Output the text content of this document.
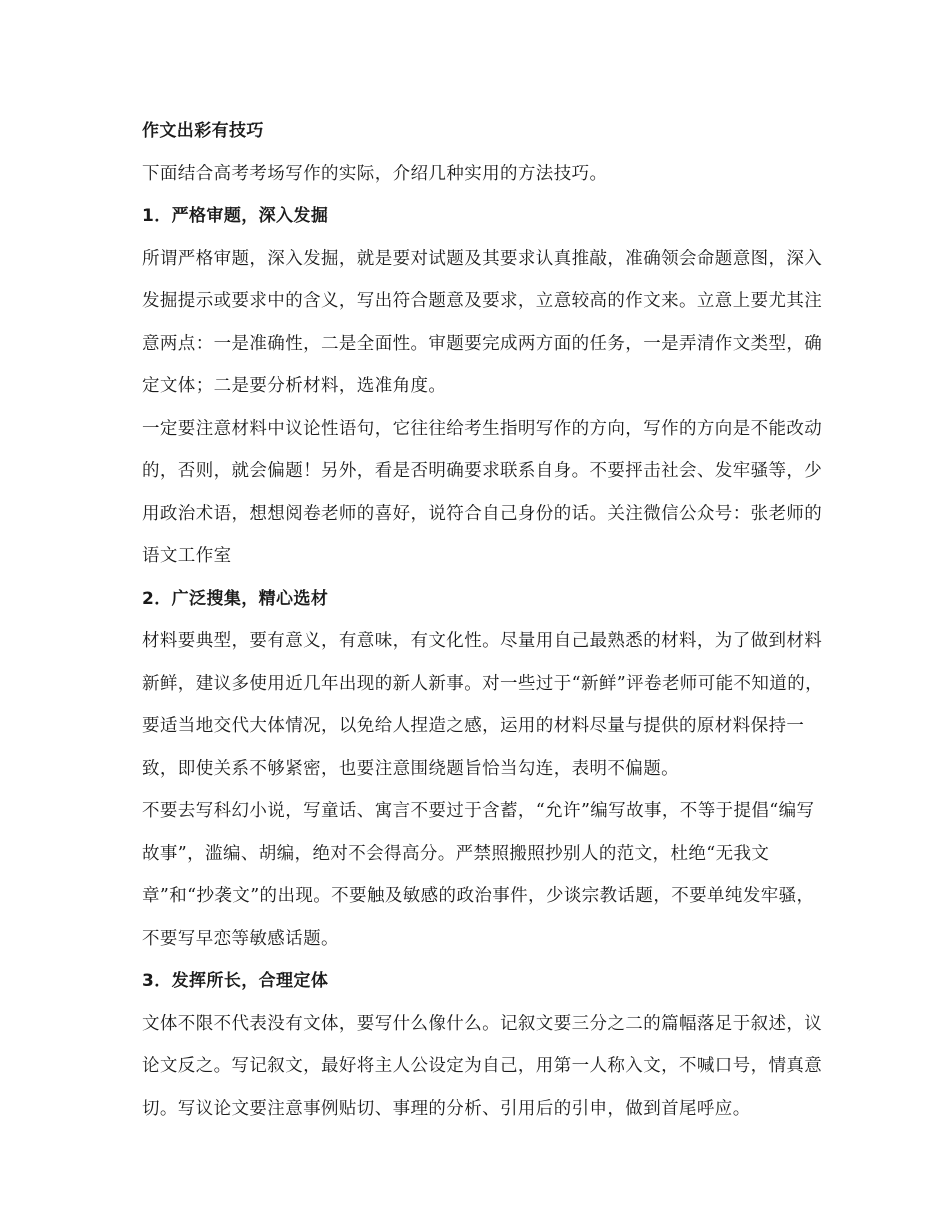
作文出彩有技巧

下面结合高考考场写作的实际，介绍几种实用的方法技巧。

1．严格审题，深入发掘

所谓严格审题，深入发掘，就是要对试题及其要求认真推敲，准确领会命题意图，深入发掘提示或要求中的含义，写出符合题意及要求，立意较高的作文来。立意上要尤其注意两点：一是准确性，二是全面性。审题要完成两方面的任务，一是弄清作文类型，确定文体；二是要分析材料，选准角度。

一定要注意材料中议论性语句，它往往给考生指明写作的方向，写作的方向是不能改动的，否则，就会偏题！另外，看是否明确要求联系自身。不要抨击社会、发牢骚等，少用政治术语，想想阅卷老师的喜好，说符合自己身份的话。关注微信公众号：张老师的语文工作室

2．广泛搜集，精心选材

材料要典型，要有意义，有意味，有文化性。尽量用自己最熟悉的材料，为了做到材料新鲜，建议多使用近几年出现的新人新事。对一些过于“新鲜”评卷老师可能不知道的，要适当地交代大体情况，以免给人捏造之感，运用的材料尽量与提供的原材料保持一致，即使关系不够紧密，也要注意围绕题旨恰当勾连，表明不偏题。

不要去写科幻小说，写童话、寓言不要过于含蓄，“允许”编写故事，不等于提倡“编写故事”，滥编、胡编，绝对不会得高分。严禁照搬照抄别人的范文，杜绝“无我文章”和“抄袭文”的出现。不要触及敏感的政治事件，少谈宗教话题，不要单纯发牢骚，不要写早恋等敏感话题。

3．发挥所长，合理定体

文体不限不代表没有文体，要写什么像什么。记叙文要三分之二的篇幅落足于叙述，议论文反之。写记叙文，最好将主人公设定为自己，用第一人称入文，不喊口号，情真意切。写议论文要注意事例贴切、事理的分析、引用后的引申，做到首尾呼应。
